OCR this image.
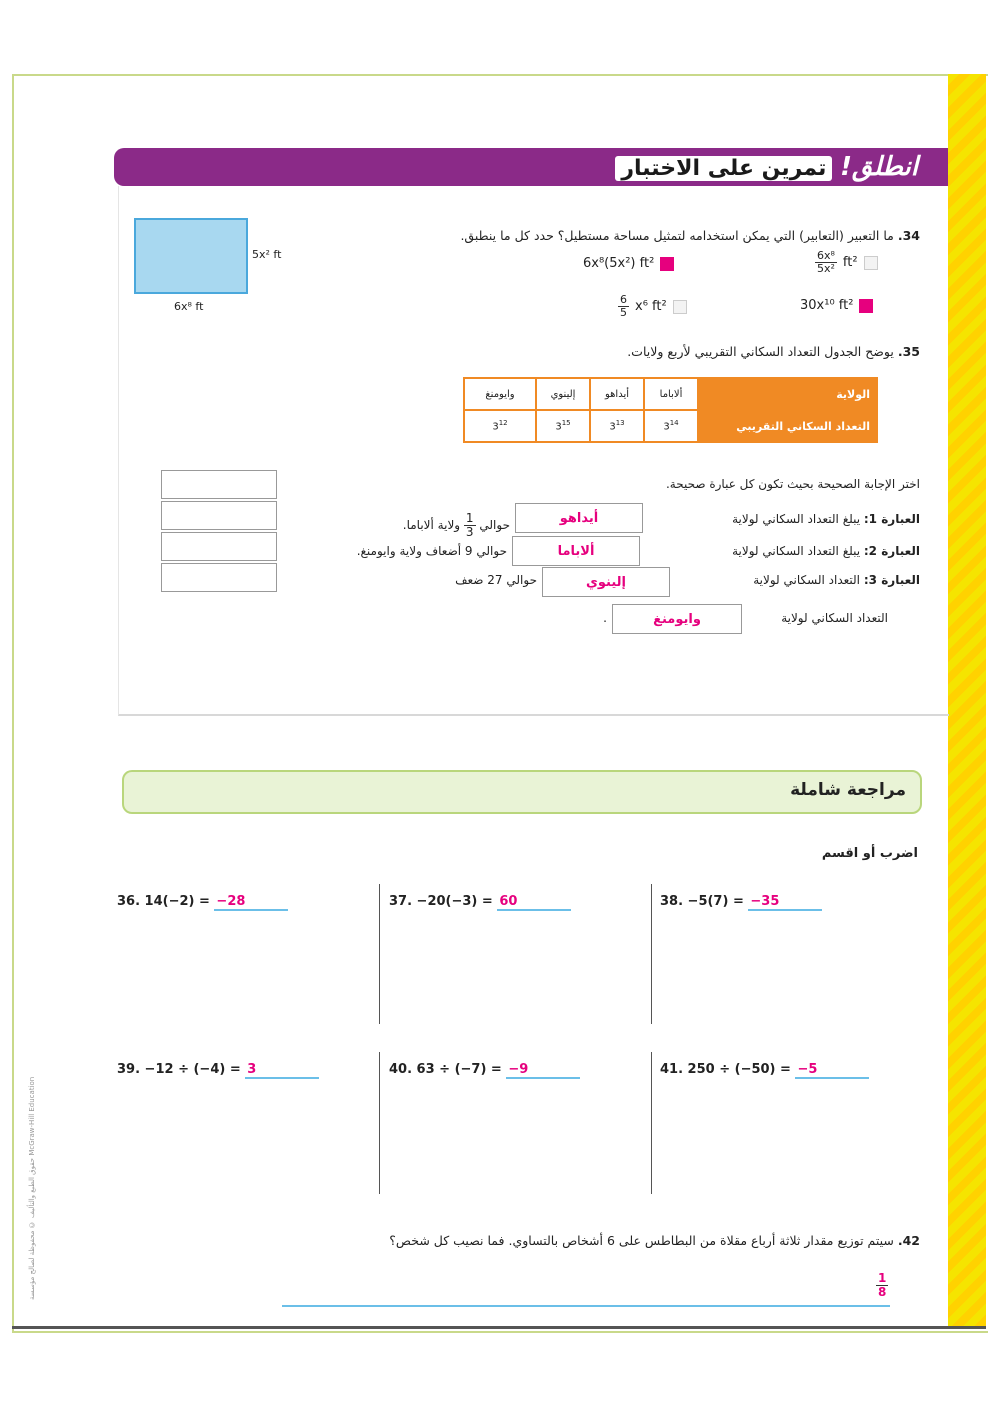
حقوق الطبع والتأليف © محفوظة لصالح مؤسسة McGraw-Hill Education
انطلق! تمرين على الاختبار
5x² ft
6x⁸ ft
34. ما التعبير (التعابير) التي يمكن استخدامه لتمثيل مساحة مستطيل؟ حدد كل ما ينطبق.
6x⁸(5x²) ft²	$\frac{\text{6x⁸}}{\text{5x²}} ft^2$
$\frac{6}{5} x^6$ ft²	30x¹⁰ ft²
35. يوضح الجدول التعداد السكاني التقريبي لأربع ولايات.
الولاية	ألاباما	أيداهو	إلينوي	وايومنغ
التعداد السكاني التقريبي	$3^{14}$	$3^{13}$	$3^{15}$	$3^{12}$
اختر الإجابة الصحيحة بحيث تكون كل عبارة صحيحة.
العبارة 1: يبلغ التعداد السكاني لولاية
أيداهو
حوالي
$\frac{1}{3}$
ولاية ألاباما.
العبارة 2: يبلغ التعداد السكاني لولاية
ألاباما
حوالي 9 أضعاف ولاية وايومنغ.
العبارة 3: التعداد السكاني لولاية
إلينوي
حوالي 27 ضعف
التعداد السكاني لولاية
وايومنغ
.
مراجعة شاملة
اضرب أو اقسم
36. 14(−2) = −28	37. −20(−3) = 60	38. −5(7) = −35
39. −12 ÷ (−4) = 3	40. 63 ÷ (−7) = −9	41. 250 ÷ (−50) = −5
42. سيتم توزيع مقدار ثلاثة أرباع مقلاة من البطاطس على 6 أشخاص بالتساوي. فما نصيب كل شخص؟
$\frac{1}{8}$
